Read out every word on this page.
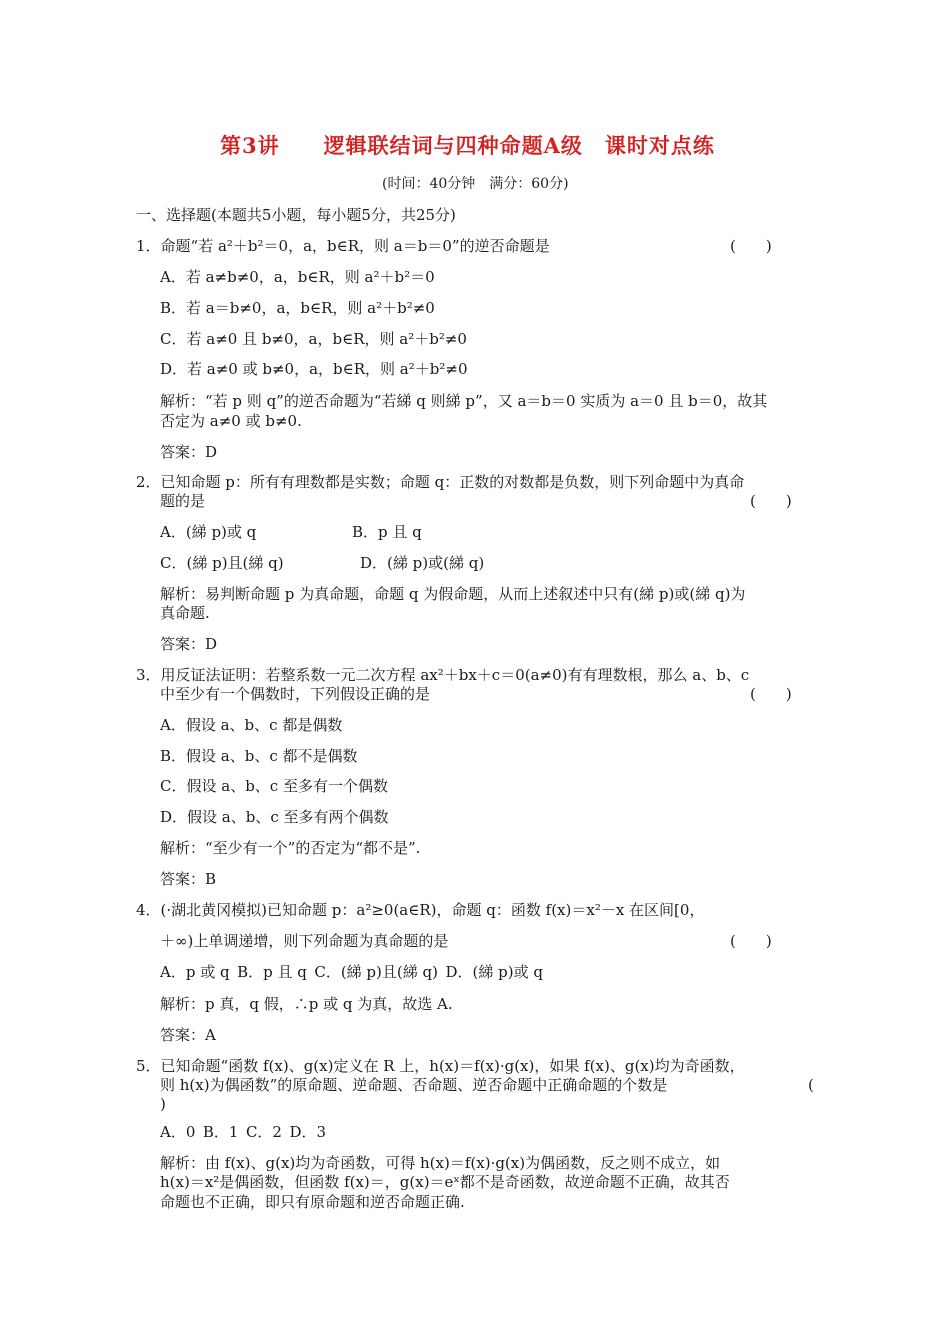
第3讲　　逻辑联结词与四种命题A级　课时对点练
(时间：40分钟　满分：60分)
一、选择题(本题共5小题，每小题5分，共25分)
1．命题“若 a²＋b²＝0，a，b∈R，则 a＝b＝0”的逆否命题是	(　　)
A．若 a≠b≠0，a，b∈R，则 a²＋b²＝0
B．若 a＝b≠0，a，b∈R，则 a²＋b²≠0
C．若 a≠0 且 b≠0，a，b∈R，则 a²＋b²≠0
D．若 a≠0 或 b≠0，a，b∈R，则 a²＋b²≠0
解析：“若 p 则 q”的逆否命题为“若綈 q 则綈 p”，又 a＝b＝0 实质为 a＝0 且 b＝0，故其
否定为 a≠0 或 b≠0.
答案：D
2．已知命题 p：所有有理数都是实数；命题 q：正数的对数都是负数，则下列命题中为真命
题的是	(　　)
A．(綈 p)或 q	B．p 且 q
C．(綈 p)且(綈 q)	D．(綈 p)或(綈 q)
解析：易判断命题 p 为真命题，命题 q 为假命题，从而上述叙述中只有(綈 p)或(綈 q)为
真命题.
答案：D
3．用反证法证明：若整系数一元二次方程 ax²＋bx＋c＝0(a≠0)有有理数根，那么 a、b、c
中至少有一个偶数时，下列假设正确的是	(　　)
A．假设 a、b、c 都是偶数
B．假设 a、b、c 都不是偶数
C．假设 a、b、c 至多有一个偶数
D．假设 a、b、c 至多有两个偶数
解析：“至少有一个”的否定为“都不是”.
答案：B
4．(·湖北黄冈模拟)已知命题 p：a²≥0(a∈R)，命题 q：函数 f(x)＝x²－x 在区间[0，
＋∞)上单调递增，则下列命题为真命题的是	(　　)
A．p 或 q B．p 且 q C．(綈 p)且(綈 q) D．(綈 p)或 q
解析：p 真，q 假，∴p 或 q 为真，故选 A.
答案：A
5．已知命题“函数 f(x)、g(x)定义在 R 上，h(x)＝f(x)·g(x)，如果 f(x)、g(x)均为奇函数，
则 h(x)为偶函数”的原命题、逆命题、否命题、逆否命题中正确命题的个数是	(
)
A．0 B．1 C．2 D．3
解析：由 f(x)、g(x)均为奇函数，可得 h(x)＝f(x)·g(x)为偶函数，反之则不成立，如
h(x)＝x²是偶函数，但函数 f(x)＝，g(x)＝eˣ都不是奇函数，故逆命题不正确，故其否
命题也不正确，即只有原命题和逆否命题正确.
